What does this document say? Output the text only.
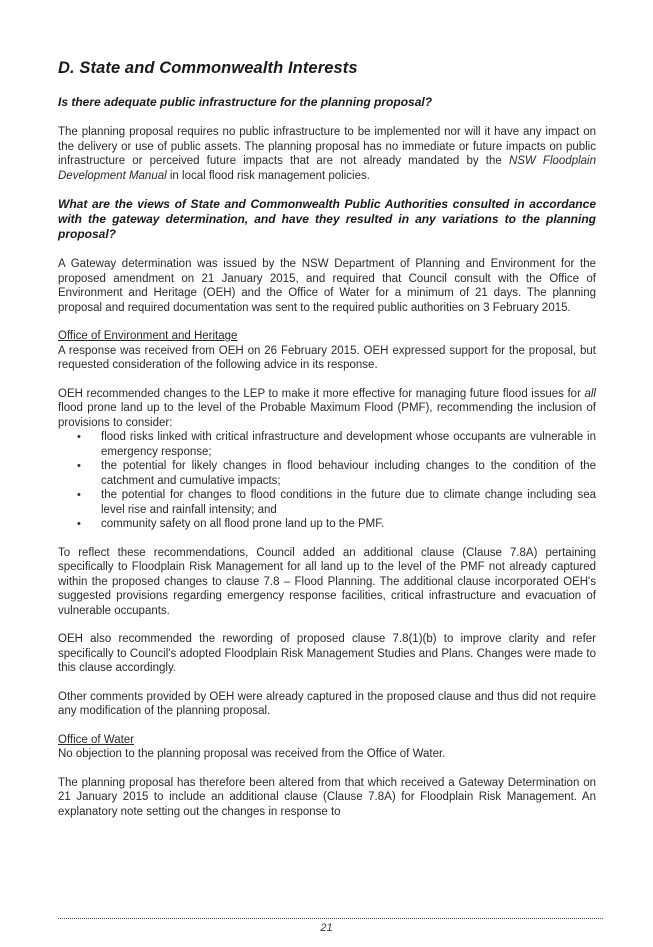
D. State and Commonwealth Interests
Is there adequate public infrastructure for the planning proposal?

The planning proposal requires no public infrastructure to be implemented nor will it have any impact on the delivery or use of public assets. The planning proposal has no immediate or future impacts on public infrastructure or perceived future impacts that are not already mandated by the NSW Floodplain Development Manual in local flood risk management policies.

What are the views of State and Commonwealth Public Authorities consulted in accordance with the gateway determination, and have they resulted in any variations to the planning proposal?

A Gateway determination was issued by the NSW Department of Planning and Environment for the proposed amendment on 21 January 2015, and required that Council consult with the Office of Environment and Heritage (OEH) and the Office of Water for a minimum of 21 days. The planning proposal and required documentation was sent to the required public authorities on 3 February 2015.

Office of Environment and Heritage

A response was received from OEH on 26 February 2015. OEH expressed support for the proposal, but requested consideration of the following advice in its response.

OEH recommended changes to the LEP to make it more effective for managing future flood issues for all flood prone land up to the level of the Probable Maximum Flood (PMF), recommending the inclusion of provisions to consider:

• flood risks linked with critical infrastructure and development whose occupants are vulnerable in emergency response;
• the potential for likely changes in flood behaviour including changes to the condition of the catchment and cumulative impacts;
• the potential for changes to flood conditions in the future due to climate change including sea level rise and rainfall intensity; and
• community safety on all flood prone land up to the PMF.

To reflect these recommendations, Council added an additional clause (Clause 7.8A) pertaining specifically to Floodplain Risk Management for all land up to the level of the PMF not already captured within the proposed changes to clause 7.8 – Flood Planning. The additional clause incorporated OEH's suggested provisions regarding emergency response facilities, critical infrastructure and evacuation of vulnerable occupants.

OEH also recommended the rewording of proposed clause 7.8(1)(b) to improve clarity and refer specifically to Council's adopted Floodplain Risk Management Studies and Plans. Changes were made to this clause accordingly.

Other comments provided by OEH were already captured in the proposed clause and thus did not require any modification of the planning proposal.

Office of Water

No objection to the planning proposal was received from the Office of Water.

The planning proposal has therefore been altered from that which received a Gateway Determination on 21 January 2015 to include an additional clause (Clause 7.8A) for Floodplain Risk Management. An explanatory note setting out the changes in response to

21
